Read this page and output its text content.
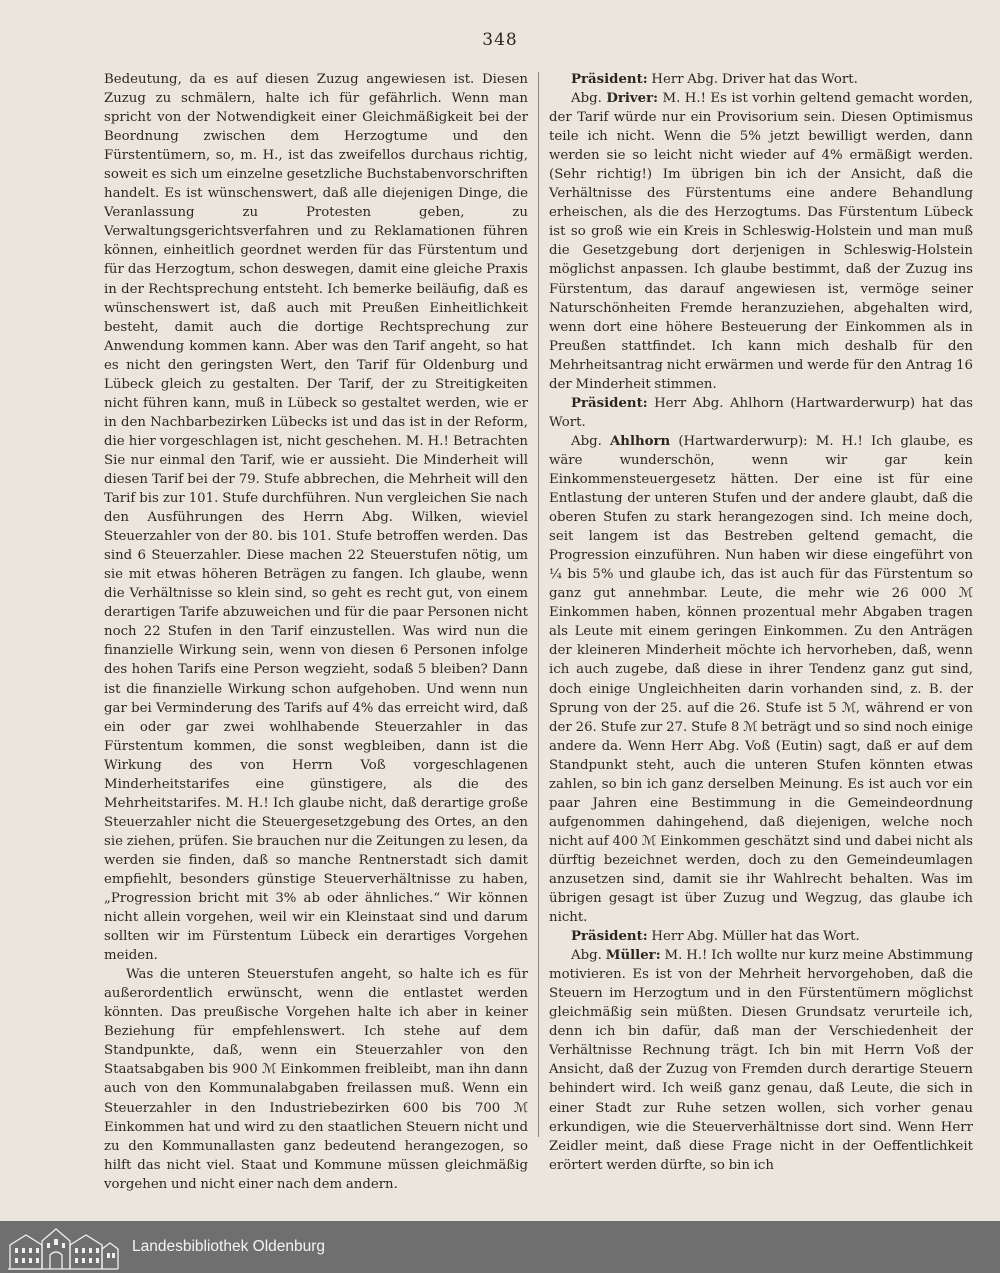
348

Bedeutung, da es auf diesen Zuzug angewiesen ist. Diesen Zuzug zu schmälern, halte ich für gefährlich. Wenn man spricht von der Notwendigkeit einer Gleichmäßigkeit bei der Beordnung zwischen dem Herzogtume und den Fürstentümern, so, m. H., ist das zweifellos durchaus richtig, soweit es sich um einzelne gesetzliche Buchstabenvorschriften handelt. Es ist wünschenswert, daß alle diejenigen Dinge, die Veranlassung zu Protesten geben, zu Verwaltungsgerichtsverfahren und zu Reklamationen führen können, einheitlich geordnet werden für das Fürstentum und für das Herzogtum, schon deswegen, damit eine gleiche Praxis in der Rechtsprechung entsteht. Ich bemerke beiläufig, daß es wünschenswert ist, daß auch mit Preußen Einheitlichkeit besteht, damit auch die dortige Rechtsprechung zur Anwendung kommen kann. Aber was den Tarif angeht, so hat es nicht den geringsten Wert, den Tarif für Oldenburg und Lübeck gleich zu gestalten. Der Tarif, der zu Streitigkeiten nicht führen kann, muß in Lübeck so gestaltet werden, wie er in den Nachbarbezirken Lübecks ist und das ist in der Reform, die hier vorgeschlagen ist, nicht geschehen. M. H.! Betrachten Sie nur einmal den Tarif, wie er aussieht. Die Minderheit will diesen Tarif bei der 79. Stufe abbrechen, die Mehrheit will den Tarif bis zur 101. Stufe durchführen. Nun vergleichen Sie nach den Ausführungen des Herrn Abg. Wilken, wieviel Steuerzahler von der 80. bis 101. Stufe betroffen werden. Das sind 6 Steuerzahler. Diese machen 22 Steuerstufen nötig, um sie mit etwas höheren Beträgen zu fangen. Ich glaube, wenn die Verhältnisse so klein sind, so geht es recht gut, von einem derartigen Tarife abzuweichen und für die paar Personen nicht noch 22 Stufen in den Tarif einzustellen. Was wird nun die finanzielle Wirkung sein, wenn von diesen 6 Personen infolge des hohen Tarifs eine Person wegzieht, sodaß 5 bleiben? Dann ist die finanzielle Wirkung schon aufgehoben. Und wenn nun gar bei Verminderung des Tarifs auf 4% das erreicht wird, daß ein oder gar zwei wohlhabende Steuerzahler in das Fürstentum kommen, die sonst wegbleiben, dann ist die Wirkung des von Herrn Voß vorgeschlagenen Minderheitstarifes eine günstigere, als die des Mehrheitstarifes. M. H.! Ich glaube nicht, daß derartige große Steuerzahler nicht die Steuergesetzgebung des Ortes, an den sie ziehen, prüfen. Sie brauchen nur die Zeitungen zu lesen, da werden sie finden, daß so manche Rentnerstadt sich damit empfiehlt, besonders günstige Steuerverhältnisse zu haben, „Progression bricht mit 3% ab oder ähnliches.“ Wir können nicht allein vorgehen, weil wir ein Kleinstaat sind und darum sollten wir im Fürstentum Lübeck ein derartiges Vorgehen meiden.

Was die unteren Steuerstufen angeht, so halte ich es für außerordentlich erwünscht, wenn die entlastet werden könnten. Das preußische Vorgehen halte ich aber in keiner Beziehung für empfehlenswert. Ich stehe auf dem Standpunkte, daß, wenn ein Steuerzahler von den Staatsabgaben bis 900 ℳ Einkommen freibleibt, man ihn dann auch von den Kommunalabgaben freilassen muß. Wenn ein Steuerzahler in den Industriebezirken 600 bis 700 ℳ Einkommen hat und wird zu den staatlichen Steuern nicht und zu den Kommunallasten ganz bedeutend herangezogen, so hilft das nicht viel. Staat und Kommune müssen gleichmäßig vorgehen und nicht einer nach dem andern.

Präsident: Herr Abg. Driver hat das Wort.

Abg. Driver: M. H.! Es ist vorhin geltend gemacht worden, der Tarif würde nur ein Provisorium sein. Diesen Optimismus teile ich nicht. Wenn die 5% jetzt bewilligt werden, dann werden sie so leicht nicht wieder auf 4% ermäßigt werden. (Sehr richtig!) Im übrigen bin ich der Ansicht, daß die Verhältnisse des Fürstentums eine andere Behandlung erheischen, als die des Herzogtums. Das Fürstentum Lübeck ist so groß wie ein Kreis in Schleswig-Holstein und man muß die Gesetzgebung dort derjenigen in Schleswig-Holstein möglichst anpassen. Ich glaube bestimmt, daß der Zuzug ins Fürstentum, das darauf angewiesen ist, vermöge seiner Naturschönheiten Fremde heranzuziehen, abgehalten wird, wenn dort eine höhere Besteuerung der Einkommen als in Preußen stattfindet. Ich kann mich deshalb für den Mehrheitsantrag nicht erwärmen und werde für den Antrag 16 der Minderheit stimmen.

Präsident: Herr Abg. Ahlhorn (Hartwarderwurp) hat das Wort.

Abg. Ahlhorn (Hartwarderwurp): M. H.! Ich glaube, es wäre wunderschön, wenn wir gar kein Einkommensteuergesetz hätten. Der eine ist für eine Entlastung der unteren Stufen und der andere glaubt, daß die oberen Stufen zu stark herangezogen sind. Ich meine doch, seit langem ist das Bestreben geltend gemacht, die Progression einzuführen. Nun haben wir diese eingeführt von ¼ bis 5% und glaube ich, das ist auch für das Fürstentum so ganz gut annehmbar. Leute, die mehr wie 26 000 ℳ Einkommen haben, können prozentual mehr Abgaben tragen als Leute mit einem geringen Einkommen. Zu den Anträgen der kleineren Minderheit möchte ich hervorheben, daß, wenn ich auch zugebe, daß diese in ihrer Tendenz ganz gut sind, doch einige Ungleichheiten darin vorhanden sind, z. B. der Sprung von der 25. auf die 26. Stufe ist 5 ℳ, während er von der 26. Stufe zur 27. Stufe 8 ℳ beträgt und so sind noch einige andere da. Wenn Herr Abg. Voß (Eutin) sagt, daß er auf dem Standpunkt steht, auch die unteren Stufen könnten etwas zahlen, so bin ich ganz derselben Meinung. Es ist auch vor ein paar Jahren eine Bestimmung in die Gemeindeordnung aufgenommen dahingehend, daß diejenigen, welche noch nicht auf 400 ℳ Einkommen geschätzt sind und dabei nicht als dürftig bezeichnet werden, doch zu den Gemeindeumlagen anzusetzen sind, damit sie ihr Wahlrecht behalten. Was im übrigen gesagt ist über Zuzug und Wegzug, das glaube ich nicht.

Präsident: Herr Abg. Müller hat das Wort.

Abg. Müller: M. H.! Ich wollte nur kurz meine Abstimmung motivieren. Es ist von der Mehrheit hervorgehoben, daß die Steuern im Herzogtum und in den Fürstentümern möglichst gleichmäßig sein müßten. Diesen Grundsatz verurteile ich, denn ich bin dafür, daß man der Verschiedenheit der Verhältnisse Rechnung trägt. Ich bin mit Herrn Voß der Ansicht, daß der Zuzug von Fremden durch derartige Steuern behindert wird. Ich weiß ganz genau, daß Leute, die sich in einer Stadt zur Ruhe setzen wollen, sich vorher genau erkundigen, wie die Steuerverhältnisse dort sind. Wenn Herr Zeidler meint, daß diese Frage nicht in der Oeffentlichkeit erörtert werden dürfte, so bin ich

Landesbibliothek Oldenburg
